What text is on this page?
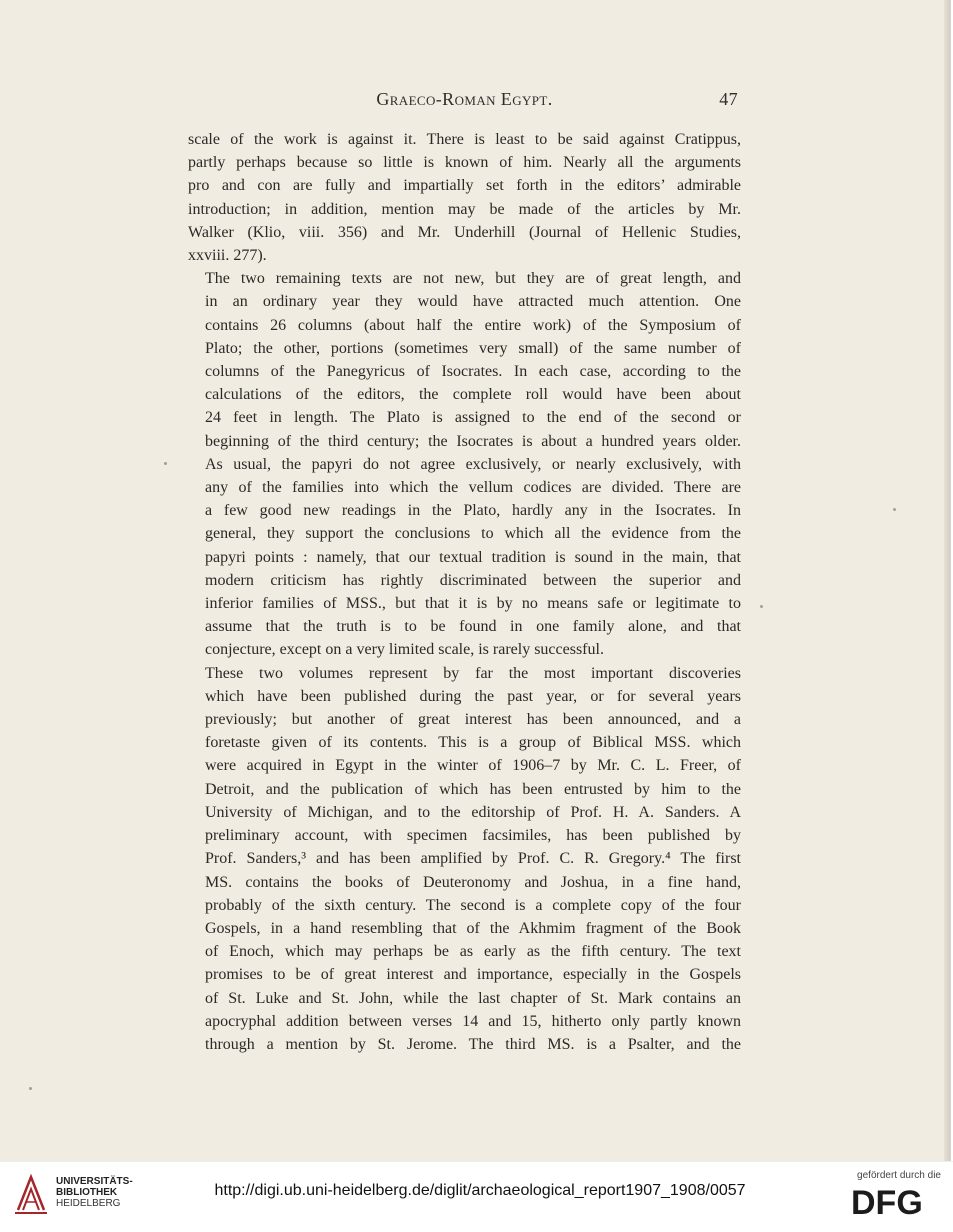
Graeco-Roman Egypt.	47
scale of the work is against it. There is least to be said against Cratippus,
partly perhaps because so little is known of him. Nearly all the arguments
pro and con are fully and impartially set forth in the editors’ admirable
introduction; in addition, mention may be made of the articles by Mr.
Walker (Klio, viii. 356) and Mr. Underhill (Journal of Hellenic Studies,
xxviii. 277).
The two remaining texts are not new, but they are of great length, and
in an ordinary year they would have attracted much attention. One
contains 26 columns (about half the entire work) of the Symposium of
Plato; the other, portions (sometimes very small) of the same number of
columns of the Panegyricus of Isocrates. In each case, according to the
calculations of the editors, the complete roll would have been about
24 feet in length. The Plato is assigned to the end of the second or
beginning of the third century; the Isocrates is about a hundred years older.
As usual, the papyri do not agree exclusively, or nearly exclusively, with
any of the families into which the vellum codices are divided. There are
a few good new readings in the Plato, hardly any in the Isocrates. In
general, they support the conclusions to which all the evidence from the
papyri points : namely, that our textual tradition is sound in the main, that
modern criticism has rightly discriminated between the superior and
inferior families of MSS., but that it is by no means safe or legitimate to
assume that the truth is to be found in one family alone, and that
conjecture, except on a very limited scale, is rarely successful.
These two volumes represent by far the most important discoveries
which have been published during the past year, or for several years
previously; but another of great interest has been announced, and a
foretaste given of its contents. This is a group of Biblical MSS. which
were acquired in Egypt in the winter of 1906–7 by Mr. C. L. Freer, of
Detroit, and the publication of which has been entrusted by him to the
University of Michigan, and to the editorship of Prof. H. A. Sanders. A
preliminary account, with specimen facsimiles, has been published by
Prof. Sanders,³ and has been amplified by Prof. C. R. Gregory.⁴ The first
MS. contains the books of Deuteronomy and Joshua, in a fine hand,
probably of the sixth century. The second is a complete copy of the four
Gospels, in a hand resembling that of the Akhmim fragment of the Book
of Enoch, which may perhaps be as early as the fifth century. The text
promises to be of great interest and importance, especially in the Gospels
of St. Luke and St. John, while the last chapter of St. Mark contains an
apocryphal addition between verses 14 and 15, hitherto only partly known
through a mention by St. Jerome. The third MS. is a Psalter, and the
UNIVERSITÄTS-
BIBLIOTHEK
HEIDELBERG
http://digi.ub.uni-heidelberg.de/diglit/archaeological_report1907_1908/0057
gefördert durch die
DFG
